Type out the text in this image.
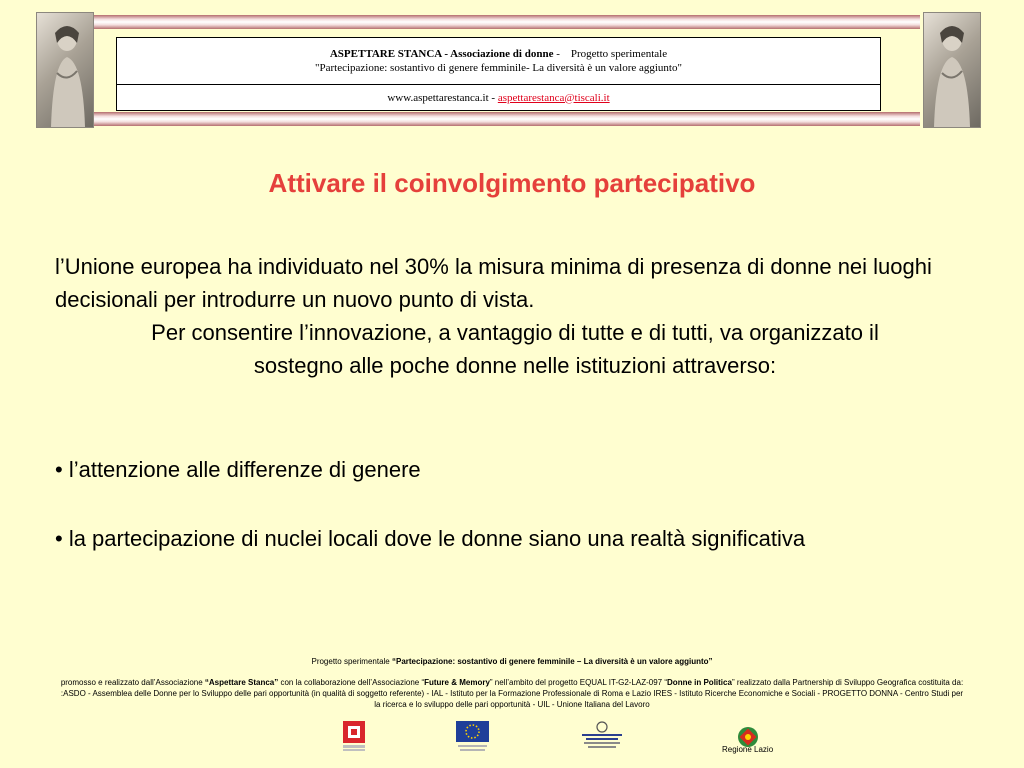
ASPETTARE STANCA - Associazione di donne -    Progetto sperimentale
"Partecipazione: sostantivo di genere femminile- La diversità è un valore aggiunto"
www.aspettarestanca.it - aspettarestanca@tiscali.it
Attivare il coinvolgimento partecipativo
l’Unione europea ha individuato nel 30% la misura minima di presenza di donne nei luoghi decisionali per introdurre un nuovo punto di vista.
Per consentire l’innovazione, a vantaggio di tutte e di tutti, va organizzato il sostegno alle poche donne nelle istituzioni attraverso:
• l’attenzione alle differenze di genere
• la partecipazione di nuclei locali dove le donne siano una realtà significativa
Progetto sperimentale “Partecipazione: sostantivo di genere femminile – La diversità è un valore aggiunto”
promosso e realizzato dall’Associazione “Aspettare Stanca” con la collaborazione dell’Associazione “Future & Memory” nell’ambito del progetto EQUAL IT-G2-LAZ-097 “Donne in Politica” realizzato dalla Partnership di Sviluppo Geografica costituita da: :ASDO - Assemblea delle Donne per lo Sviluppo delle pari opportunità (in qualità di soggetto referente) - IAL - Istituto per la Formazione Professionale di Roma e Lazio IRES - Istituto Ricerche Economiche e Sociali - PROGETTO DONNA - Centro Studi per la ricerca e lo sviluppo delle pari opportunità - UIL - Unione Italiana del Lavoro
Regione Lazio
